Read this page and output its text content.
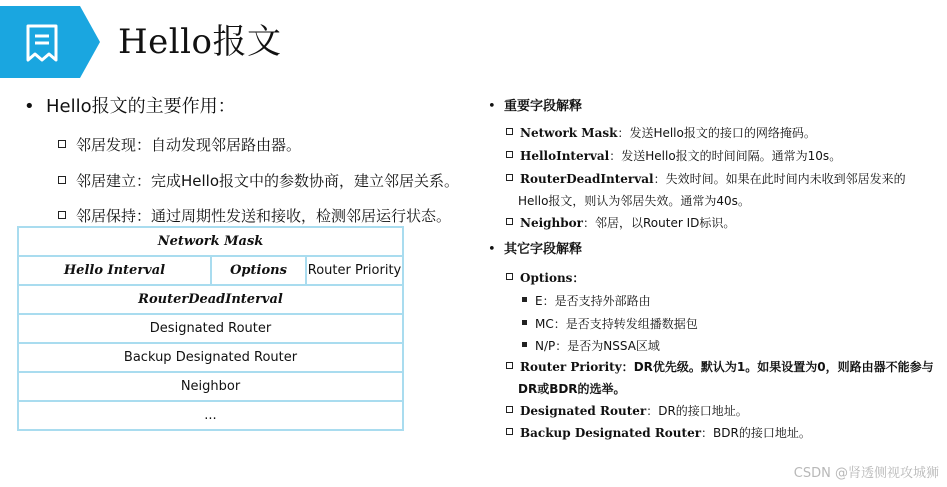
Hello报文
• Hello报文的主要作用：
邻居发现：自动发现邻居路由器。
邻居建立：完成Hello报文中的参数协商，建立邻居关系。
邻居保持：通过周期性发送和接收，检测邻居运行状态。
Network Mask
Hello Interval	Options	Router Priority
RouterDeadInterval
Designated Router
Backup Designated Router
Neighbor
...
• 重要字段解释
Network Mask：发送Hello报文的接口的网络掩码。
HelloInterval：发送Hello报文的时间间隔。通常为10s。
RouterDeadInterval：失效时间。如果在此时间内未收到邻居发来的
Hello报文，则认为邻居失效。通常为40s。
Neighbor：邻居，以Router ID标识。
• 其它字段解释
Options：
E：是否支持外部路由
MC：是否支持转发组播数据包
N/P：是否为NSSA区域
Router Priority：DR优先级。默认为1。如果设置为0，则路由器不能参与
DR或BDR的选举。
Designated Router：DR的接口地址。
Backup Designated Router：BDR的接口地址。
CSDN @肾透侧视攻城狮
